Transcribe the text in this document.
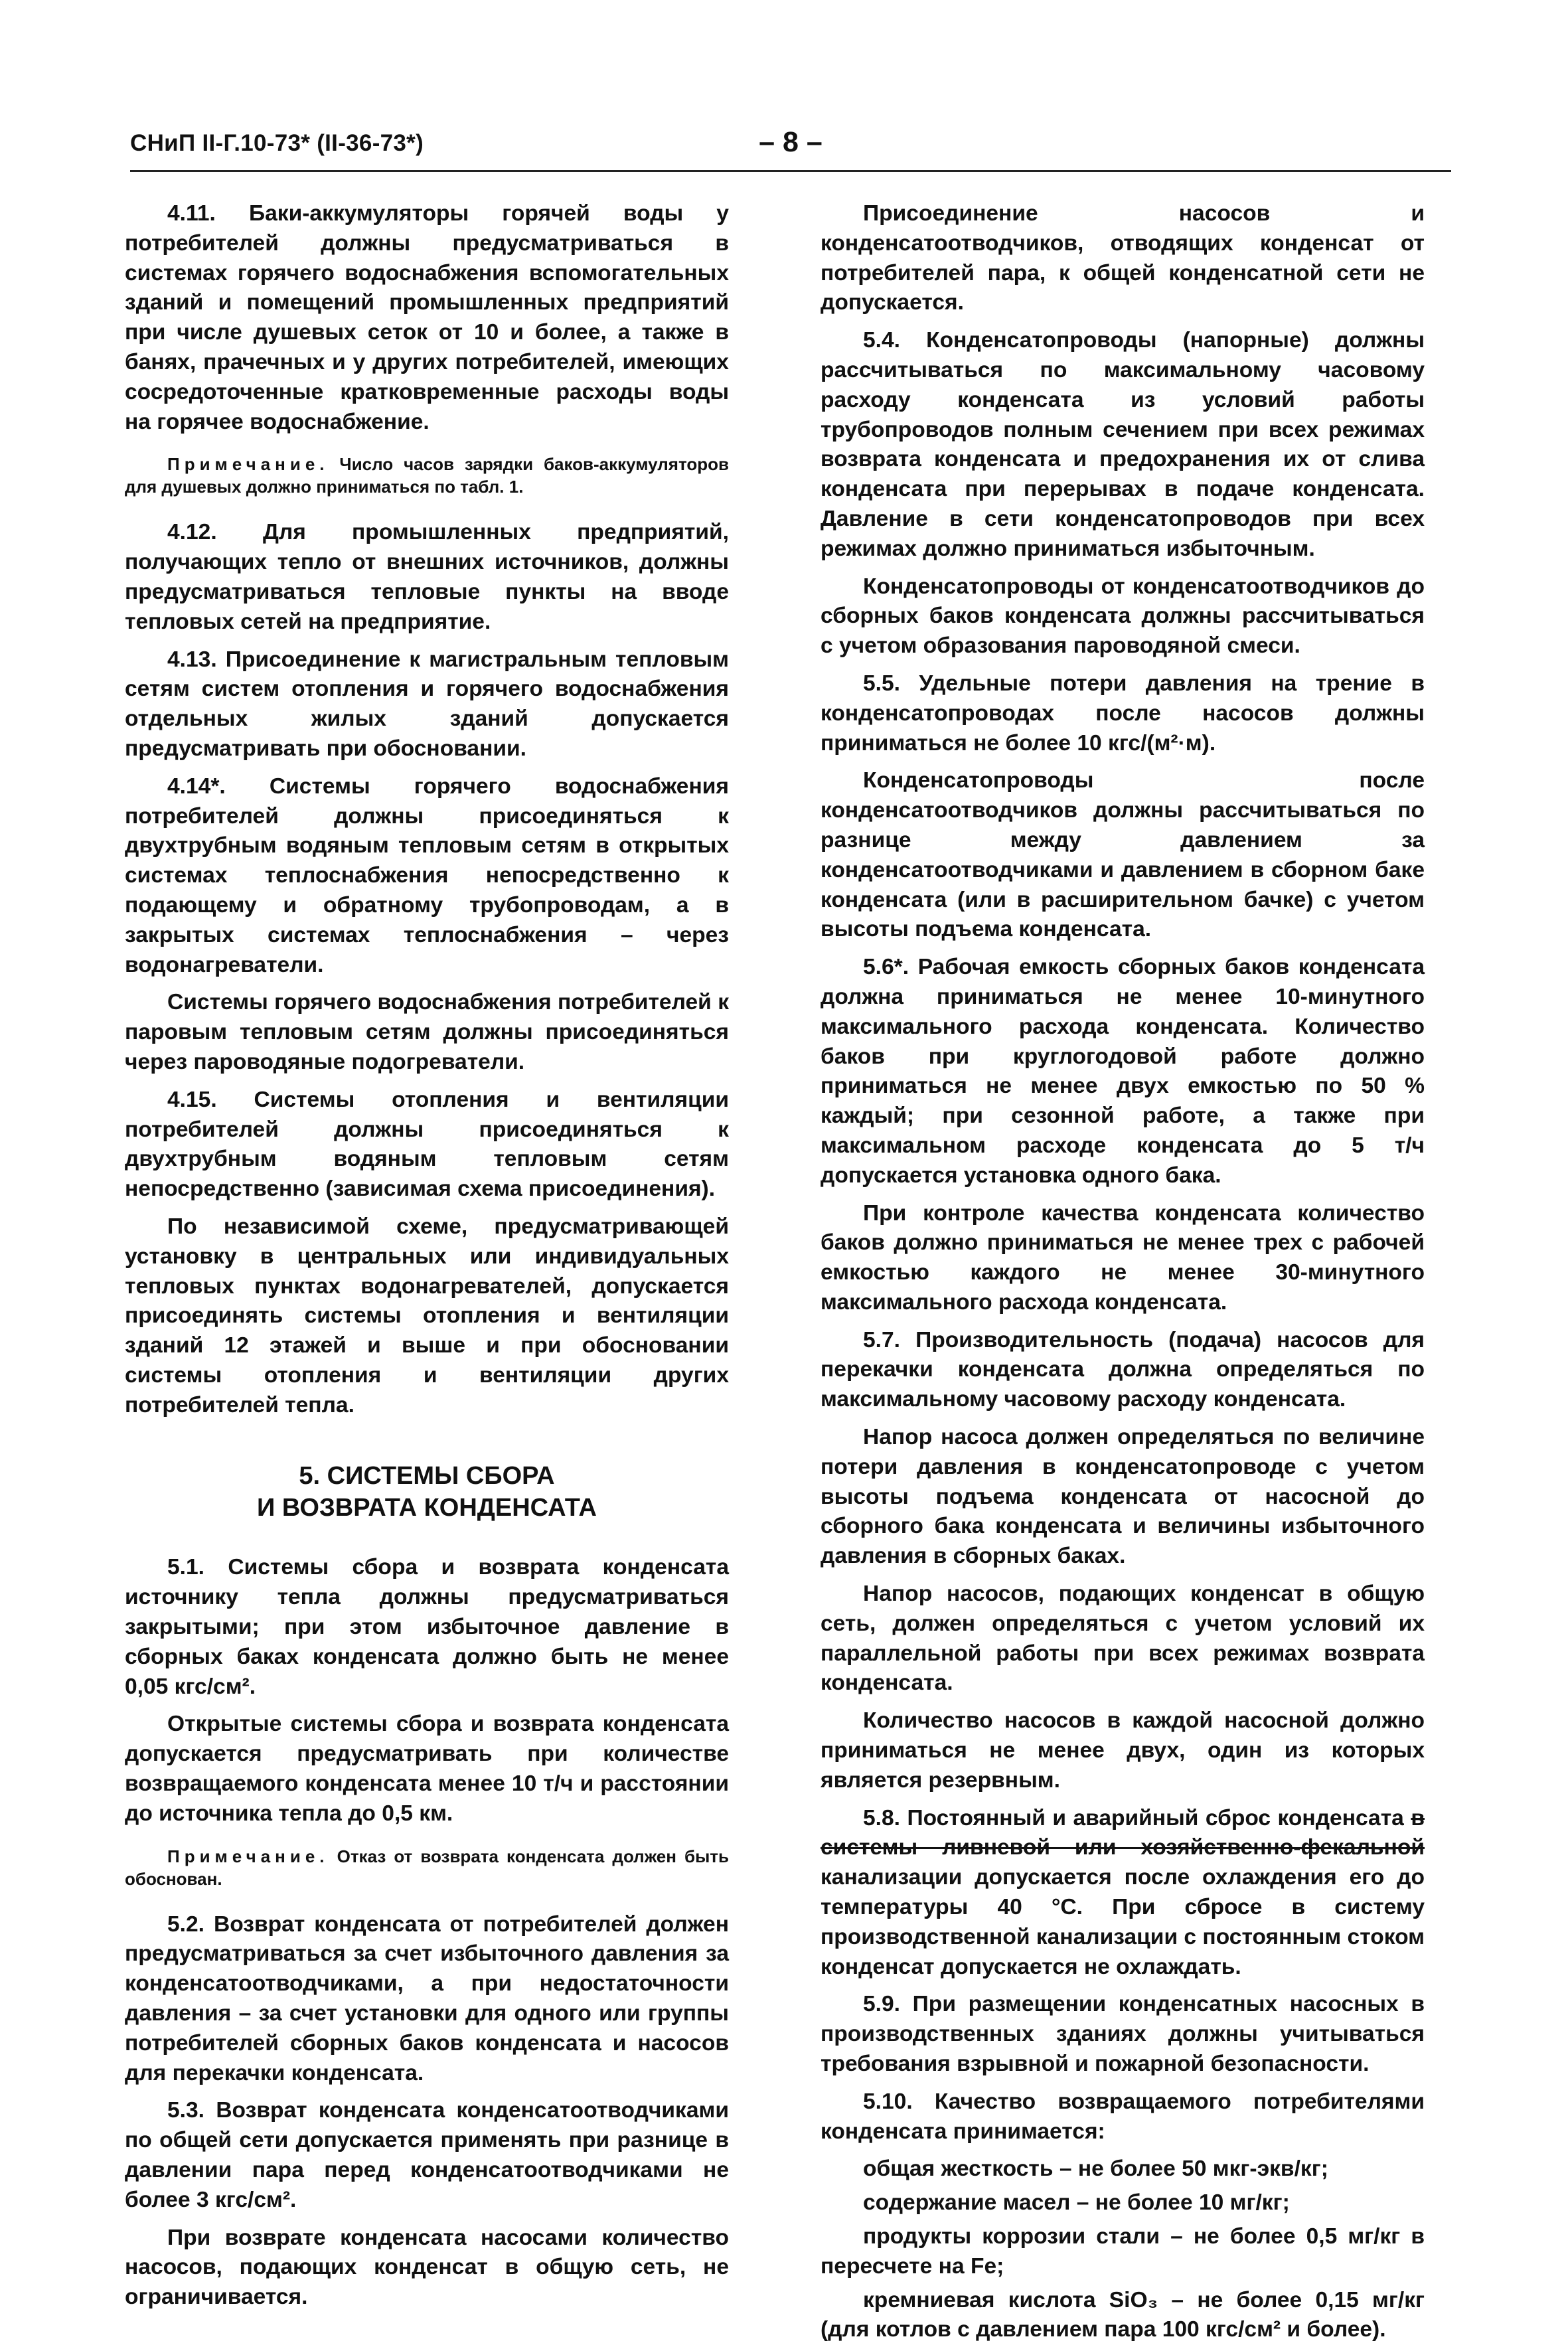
СНиП II-Г.10-73* (II-36-73*)	– 8 –

4.11. Баки-аккумуляторы горячей воды у потребителей должны предусматриваться в системах горячего водоснабжения вспомогательных зданий и помещений промышленных предприятий при числе душевых сеток от 10 и более, а также в банях, прачечных и у других потребителей, имеющих сосредоточенные кратковременные расходы воды на горячее водоснабжение.

Примечание. Число часов зарядки баков-аккумуляторов для душевых должно приниматься по табл. 1.

4.12. Для промышленных предприятий, получающих тепло от внешних источников, должны предусматриваться тепловые пункты на вводе тепловых сетей на предприятие.

4.13. Присоединение к магистральным тепловым сетям систем отопления и горячего водоснабжения отдельных жилых зданий допускается предусматривать при обосновании.

4.14*. Системы горячего водоснабжения потребителей должны присоединяться к двухтрубным водяным тепловым сетям в открытых системах теплоснабжения непосредственно к подающему и обратному трубопроводам, а в закрытых системах теплоснабжения – через водонагреватели.

Системы горячего водоснабжения потребителей к паровым тепловым сетям должны присоединяться через пароводяные подогреватели.

4.15. Системы отопления и вентиляции потребителей должны присоединяться к двухтрубным водяным тепловым сетям непосредственно (зависимая схема присоединения).

По независимой схеме, предусматривающей установку в центральных или индивидуальных тепловых пунктах водонагревателей, допускается присоединять системы отопления и вентиляции зданий 12 этажей и выше и при обосновании системы отопления и вентиляции других потребителей тепла.

5. СИСТЕМЫ СБОРА
И ВОЗВРАТА КОНДЕНСАТА

5.1. Системы сбора и возврата конденсата источнику тепла должны предусматриваться закрытыми; при этом избыточное давление в сборных баках конденсата должно быть не менее 0,05 кгс/см².

Открытые системы сбора и возврата конденсата допускается предусматривать при количестве возвращаемого конденсата менее 10 т/ч и расстоянии до источника тепла до 0,5 км.

Примечание. Отказ от возврата конденсата должен быть обоснован.

5.2. Возврат конденсата от потребителей должен предусматриваться за счет избыточного давления за конденсатоотводчиками, а при недостаточности давления – за счет установки для одного или группы потребителей сборных баков конденсата и насосов для перекачки конденсата.

5.3. Возврат конденсата конденсатоотводчиками по общей сети допускается применять при разнице в давлении пара перед конденсатоотводчиками не более 3 кгс/см².

При возврате конденсата насосами количество насосов, подающих конденсат в общую сеть, не ограничивается.

Присоединение насосов и конденсатоотводчиков, отводящих конденсат от потребителей пара, к общей конденсатной сети не допускается.

5.4. Конденсатопроводы (напорные) должны рассчитываться по максимальному часовому расходу конденсата из условий работы трубопроводов полным сечением при всех режимах возврата конденсата и предохранения их от слива конденсата при перерывах в подаче конденсата. Давление в сети конденсатопроводов при всех режимах должно приниматься избыточным.

Конденсатопроводы от конденсатоотводчиков до сборных баков конденсата должны рассчитываться с учетом образования пароводяной смеси.

5.5. Удельные потери давления на трение в конденсатопроводах после насосов должны приниматься не более 10 кгс/(м²·м).

Конденсатопроводы после конденсатоотводчиков должны рассчитываться по разнице между давлением за конденсатоотводчиками и давлением в сборном баке конденсата (или в расширительном бачке) с учетом высоты подъема конденсата.

5.6*. Рабочая емкость сборных баков конденсата должна приниматься не менее 10-минутного максимального расхода конденсата. Количество баков при круглогодовой работе должно приниматься не менее двух емкостью по 50 % каждый; при сезонной работе, а также при максимальном расходе конденсата до 5 т/ч допускается установка одного бака.

При контроле качества конденсата количество баков должно приниматься не менее трех с рабочей емкостью каждого не менее 30-минутного максимального расхода конденсата.

5.7. Производительность (подача) насосов для перекачки конденсата должна определяться по максимальному часовому расходу конденсата.

Напор насоса должен определяться по величине потери давления в конденсатопроводе с учетом высоты подъема конденсата от насосной до сборного бака конденсата и величины избыточного давления в сборных баках.

Напор насосов, подающих конденсат в общую сеть, должен определяться с учетом условий их параллельной работы при всех режимах возврата конденсата.

Количество насосов в каждой насосной должно приниматься не менее двух, один из которых является резервным.

5.8. Постоянный и аварийный сброс конденсата в системы ливневой или хозяйственно-фекальной канализации допускается после охлаждения его до температуры 40 °С. При сбросе в систему производственной канализации с постоянным стоком конденсат допускается не охлаждать.

5.9. При размещении конденсатных насосных в производственных зданиях должны учитываться требования взрывной и пожарной безопасности.

5.10. Качество возвращаемого потребителями конденсата принимается:

общая жесткость – не более 50 мкг-экв/кг;

содержание масел – не более 10 мг/кг;

продукты коррозии стали – не более 0,5 мг/кг в пересчете на Fe;

кремниевая кислота SiO₃ – не более 0,15 мг/кг (для котлов с давлением пара 100 кгс/см² и более).
